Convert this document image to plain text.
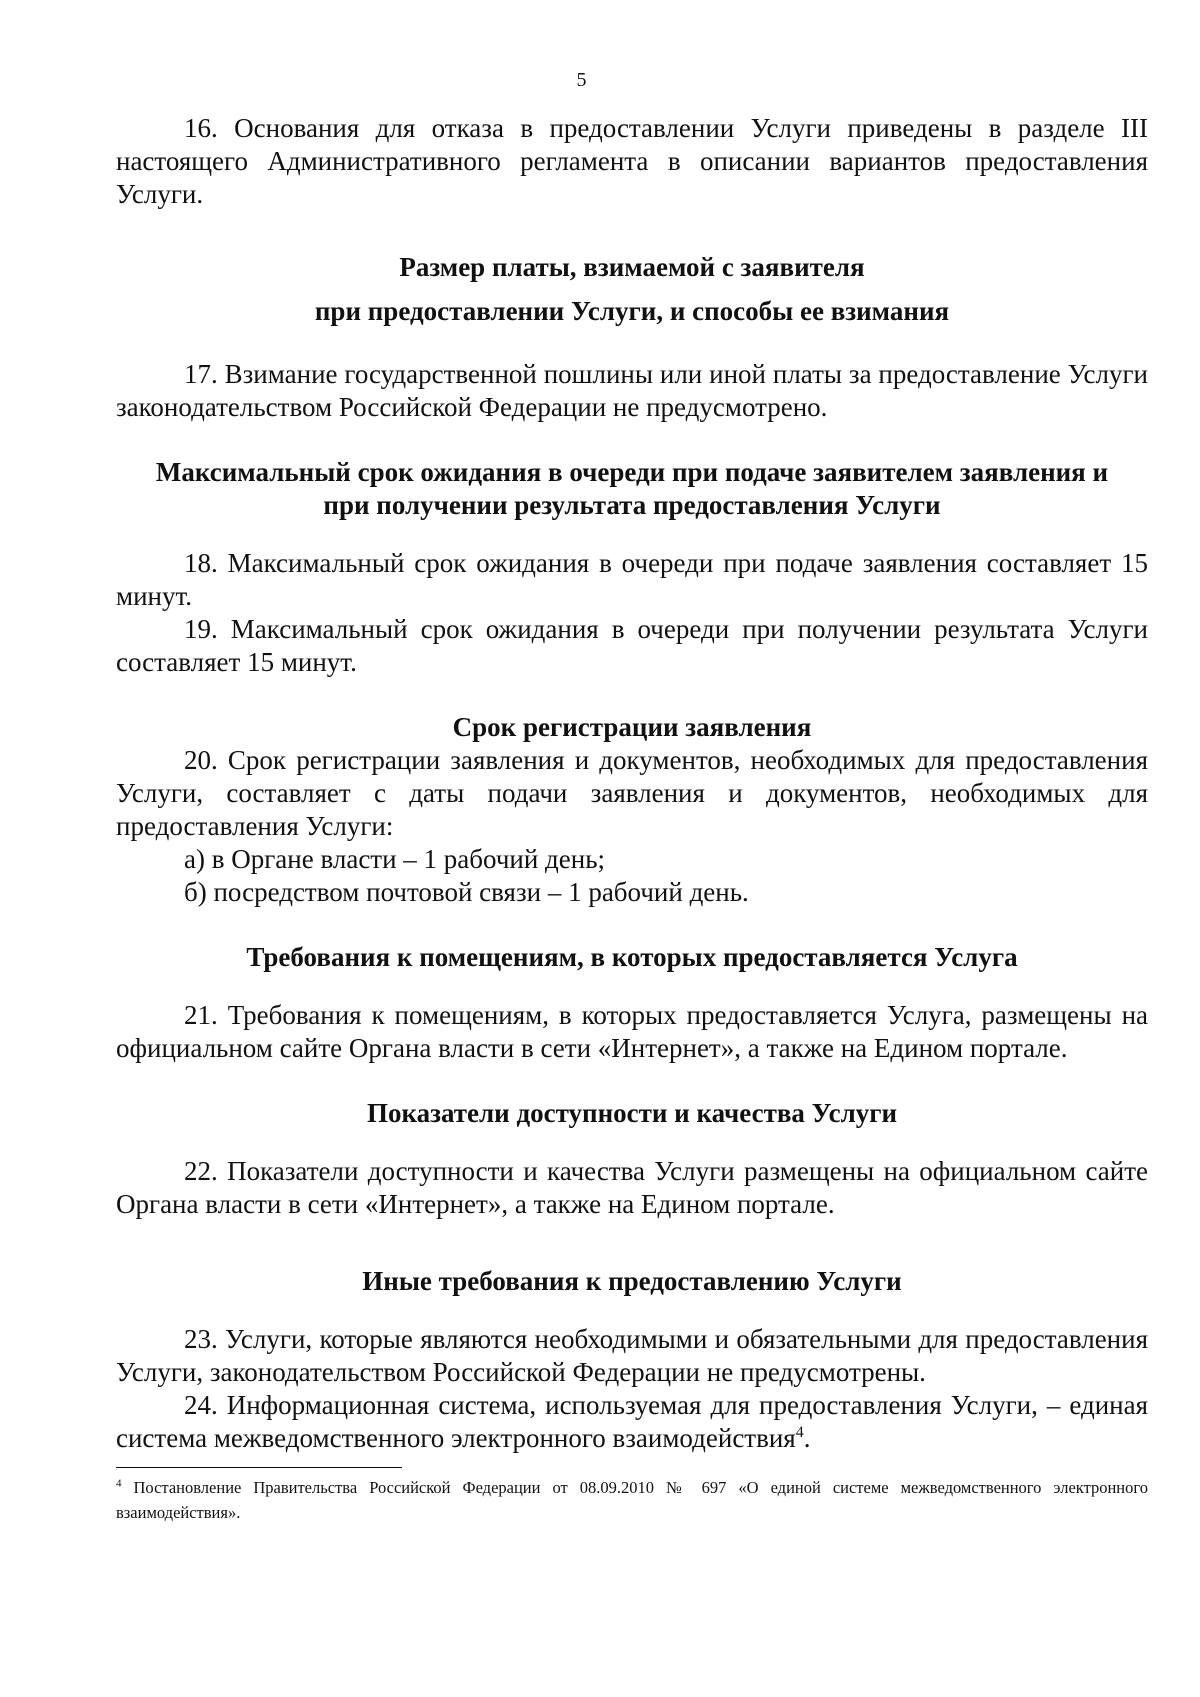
5

16. Основания для отказа в предоставлении Услуги приведены в разделе III настоящего Административного регламента в описании вариантов предоставления Услуги.

Размер платы, взимаемой с заявителя
при предоставлении Услуги, и способы ее взимания

17. Взимание государственной пошлины или иной платы за предоставление Услуги законодательством Российской Федерации не предусмотрено.

Максимальный срок ожидания в очереди при подаче заявителем заявления и
при получении результата предоставления Услуги

18. Максимальный срок ожидания в очереди при подаче заявления составляет 15 минут.

19. Максимальный срок ожидания в очереди при получении результата Услуги составляет 15 минут.

Срок регистрации заявления

20. Срок регистрации заявления и документов, необходимых для предоставления Услуги, составляет с даты подачи заявления и документов, необходимых для предоставления Услуги:

а) в Органе власти – 1 рабочий день;

б) посредством почтовой связи – 1 рабочий день.

Требования к помещениям, в которых предоставляется Услуга

21. Требования к помещениям, в которых предоставляется Услуга, размещены на официальном сайте Органа власти в сети «Интернет», а также на Едином портале.

Показатели доступности и качества Услуги

22. Показатели доступности и качества Услуги размещены на официальном сайте Органа власти в сети «Интернет», а также на Едином портале.

Иные требования к предоставлению Услуги

23. Услуги, которые являются необходимыми и обязательными для предоставления Услуги, законодательством Российской Федерации не предусмотрены.

24. Информационная система, используемая для предоставления Услуги, – единая система межведомственного электронного взаимодействия$^4$.

$^4$ Постановление Правительства Российской Федерации от 08.09.2010 № 697 «О единой системе межведомственного электронного взаимодействия».
